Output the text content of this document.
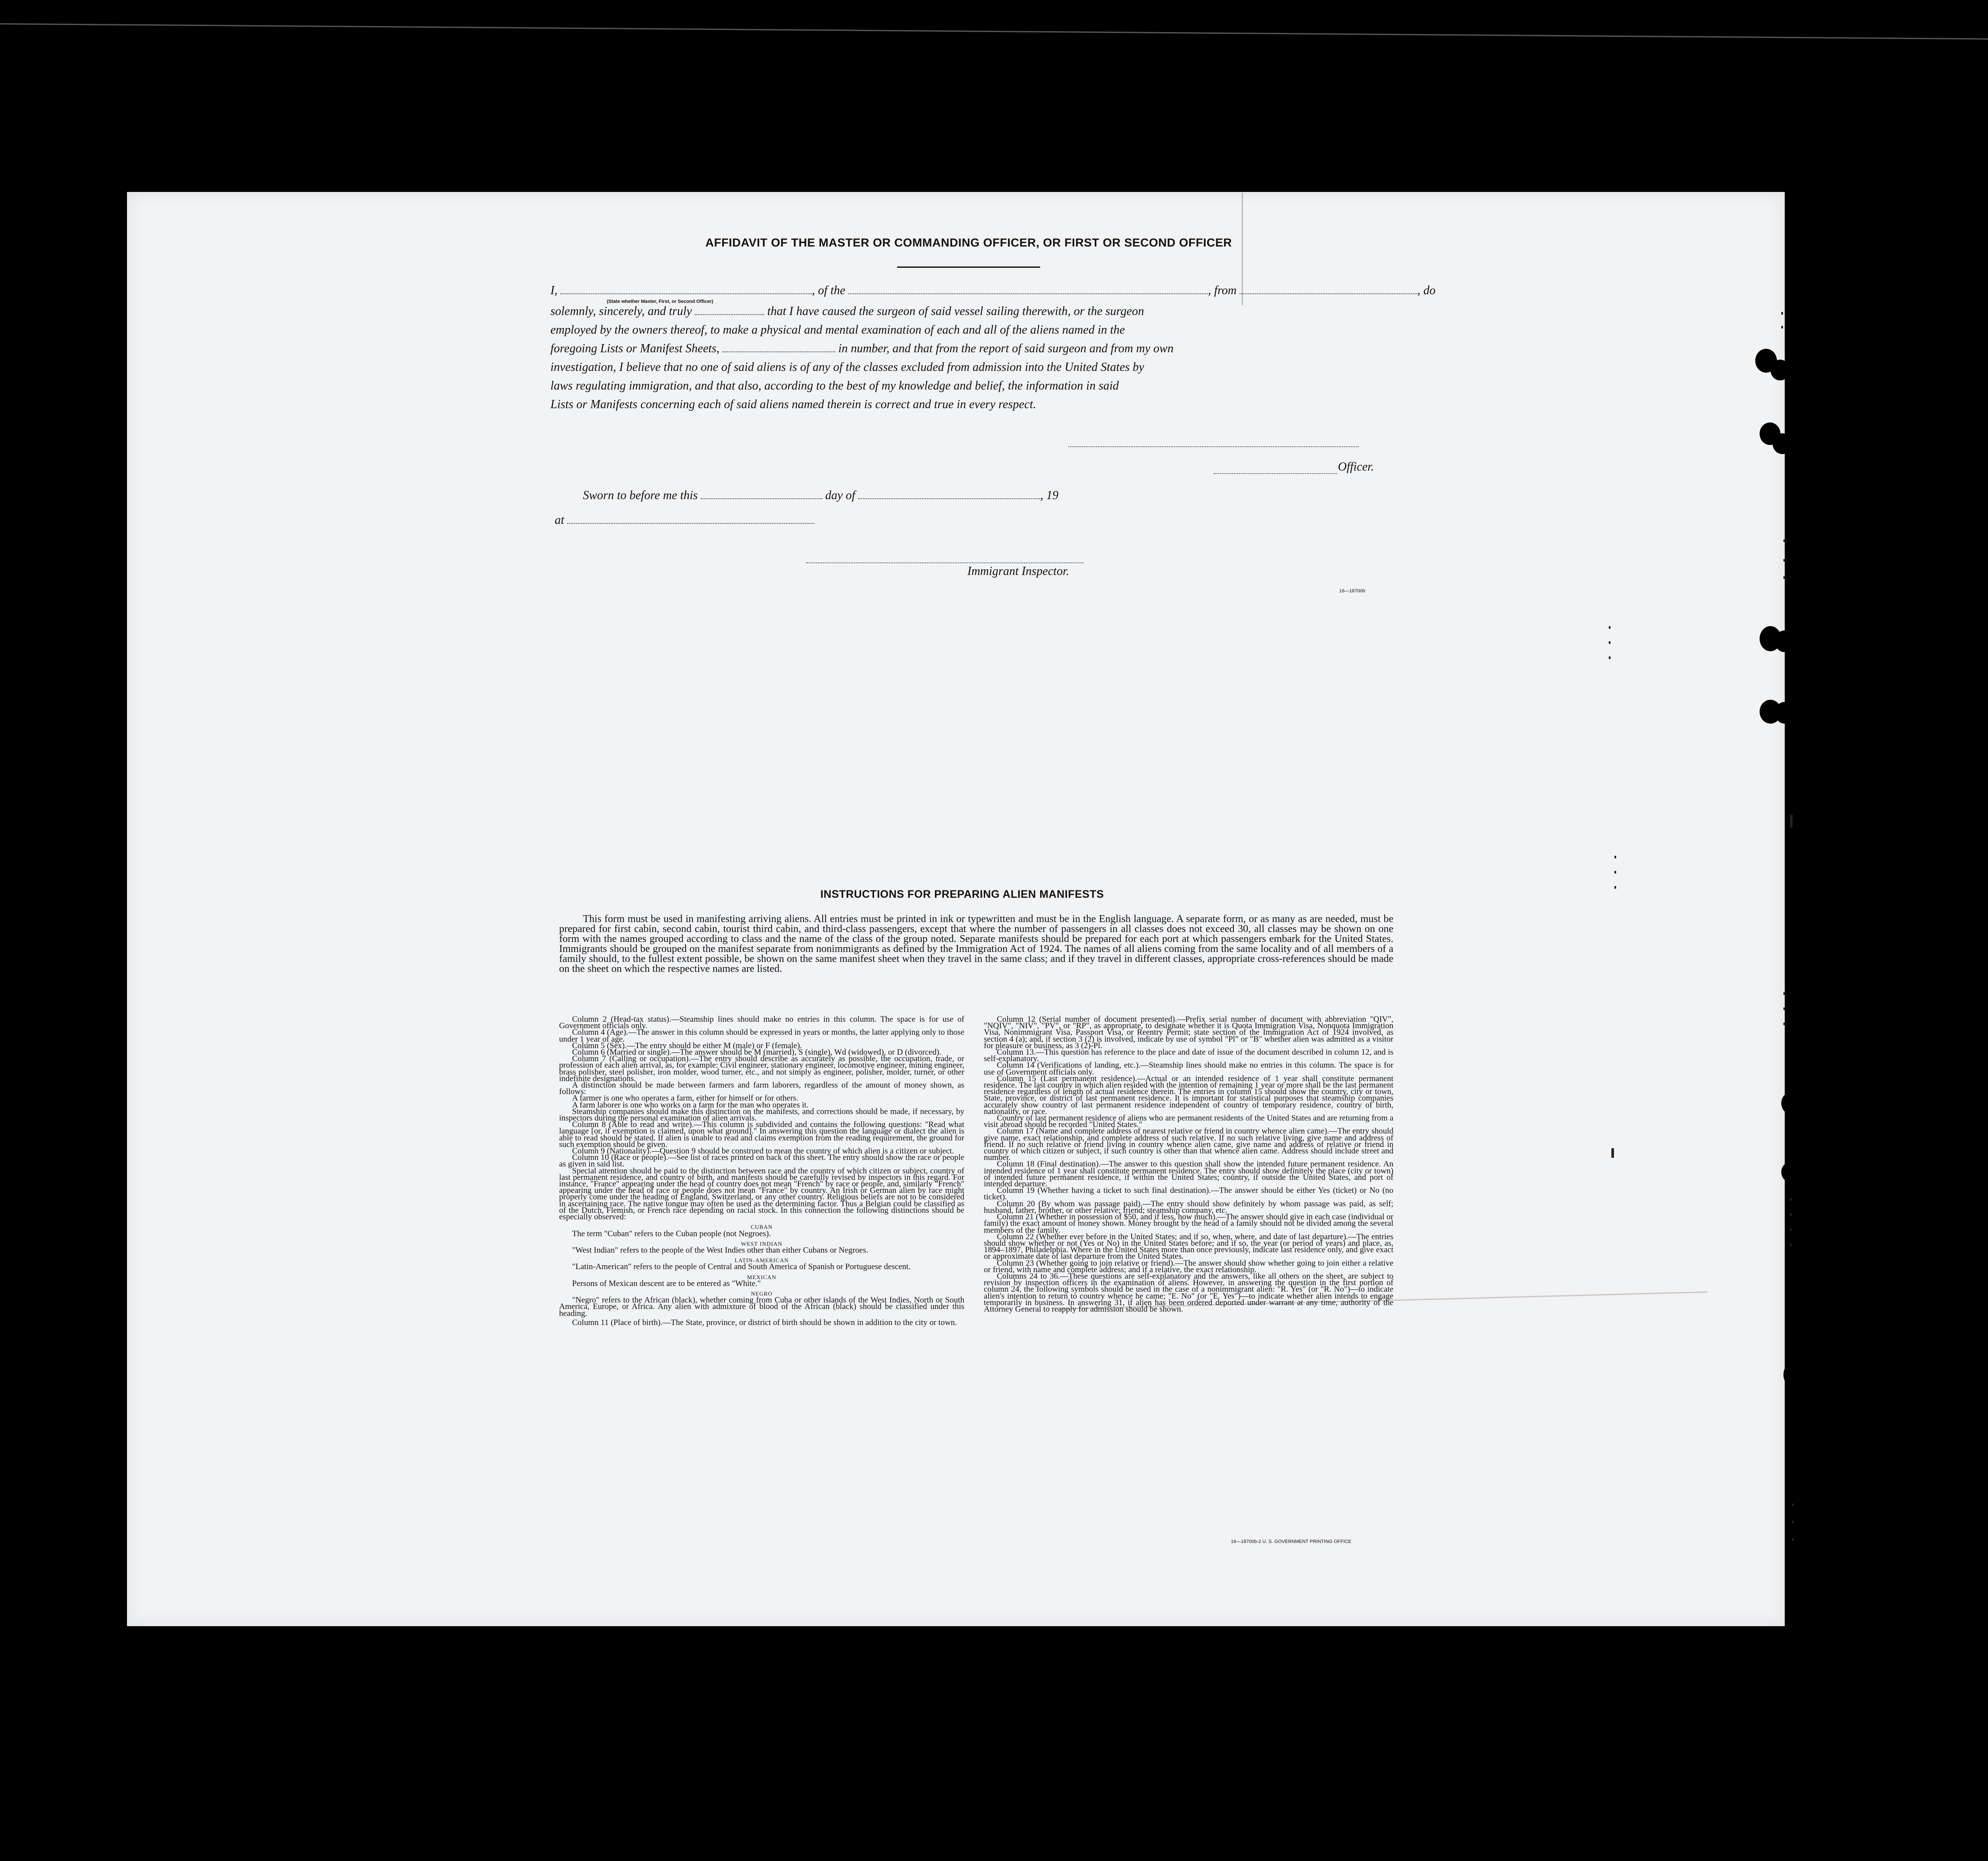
AFFIDAVIT OF THE MASTER OR COMMANDING OFFICER, OR FIRST OR SECOND OFFICER
I,	, of the	, from	, do
(State whether Master, First, or Second Officer)
solemnly, sincerely, and truly	that I have caused the surgeon of said vessel sailing therewith, or the surgeon
employed by the owners thereof, to make a physical and mental examination of each and all of the aliens named in the
foregoing Lists or Manifest Sheets,	in number, and that from the report of said surgeon and from my own
investigation, I believe that no one of said aliens is of any of the classes excluded from admission into the United States by
laws regulating immigration, and that also, according to the best of my knowledge and belief, the information in said
Lists or Manifests concerning each of said aliens named therein is correct and true in every respect.
Officer.
Sworn to before me this	day of	, 19
at
Immigrant Inspector.
16—18700b
INSTRUCTIONS FOR PREPARING ALIEN MANIFESTS
This form must be used in manifesting arriving aliens. All entries must be printed in ink or typewritten and must be in the English language. A separate form, or as many as are needed, must be prepared for first cabin, second cabin, tourist third cabin, and third-class passengers, except that where the number of passengers in all classes does not exceed 30, all classes may be shown on one form with the names grouped according to class and the name of the class of the group noted. Separate manifests should be prepared for each port at which passengers embark for the United States. Immigrants should be grouped on the manifest separate from nonimmigrants as defined by the Immigration Act of 1924. The names of all aliens coming from the same locality and of all members of a family should, to the fullest extent possible, be shown on the same manifest sheet when they travel in the same class; and if they travel in different classes, appropriate cross-references should be made on the sheet on which the respective names are listed.

Column 2 (Head-tax status).—Steamship lines should make no entries in this column. The space is for use of Government officials only.

Column 4 (Age).—The answer in this column should be expressed in years or months, the latter applying only to those under 1 year of age.

Column 5 (Sex).—The entry should be either M (male) or F (female).

Column 6 (Married or single).—The answer should be M (married), S (single), Wd (widowed), or D (divorced).

Column 7 (Calling or occupation).—The entry should describe as accurately as possible, the occupation, trade, or profession of each alien arrival, as, for example: Civil engineer, stationary engineer, locomotive engineer, mining engineer, brass polisher, steel polisher, iron molder, wood turner, etc., and not simply as engineer, polisher, molder, turner, or other indefinite designations.

A distinction should be made between farmers and farm laborers, regardless of the amount of money shown, as follows:

A farmer is one who operates a farm, either for himself or for others.

A farm laborer is one who works on a farm for the man who operates it.

Steamship companies should make this distinction on the manifests, and corrections should be made, if necessary, by inspectors during the personal examination of alien arrivals.

Column 8 (Able to read and write).—This column is subdivided and contains the following questions: "Read what language [or, if exemption is claimed, upon what ground]." In answering this question the language or dialect the alien is able to read should be stated. If alien is unable to read and claims exemption from the reading requirement, the ground for such exemption should be given.

Column 9 (Nationality).—Question 9 should be construed to mean the country of which alien is a citizen or subject.

Column 10 (Race or people).—See list of races printed on back of this sheet. The entry should show the race or people as given in said list.

Special attention should be paid to the distinction between race and the country of which citizen or subject, country of last permanent residence, and country of birth, and manifests should be carefully revised by inspectors in this regard. For instance, "France" appearing under the head of country does not mean "French" by race or people, and, similarly "French" appearing under the head of race or people does not mean "France" by country. An Irish or German alien by race might properly come under the heading of England, Switzerland, or any other country. Religious beliefs are not to be considered in ascertaining race. The native tongue may often be used as the determining factor. Thus a Belgian could be classified as of the Dutch, Flemish, or French race depending on racial stock. In this connection the following distinctions should be especially observed:

CUBAN

The term "Cuban" refers to the Cuban people (not Negroes).

WEST INDIAN

"West Indian" refers to the people of the West Indies other than either Cubans or Negroes.

LATIN-AMERICAN

"Latin-American" refers to the people of Central and South America of Spanish or Portuguese descent.

MEXICAN

Persons of Mexican descent are to be entered as "White."

NEGRO

"Negro" refers to the African (black), whether coming from Cuba or other islands of the West Indies, North or South America, Europe, or Africa. Any alien with admixture of blood of the African (black) should be classified under this heading.

Column 11 (Place of birth).—The State, province, or district of birth should be shown in addition to the city or town.

Column 12 (Serial number of document presented).—Prefix serial number of document with abbreviation "QIV", "NQIV", "NIV", "PV", or "RP", as appropriate, to designate whether it is Quota Immigration Visa, Nonquota Immigration Visa, Nonimmigrant Visa, Passport Visa, or Reentry Permit; state section of the Immigration Act of 1924 involved, as section 4 (a); and, if section 3 (2) is involved, indicate by use of symbol "Pl" or "B" whether alien was admitted as a visitor for pleasure or business, as 3 (2)-Pl.

Column 13.—This question has reference to the place and date of issue of the document described in column 12, and is self-explanatory.

Column 14 (Verifications of landing, etc.).—Steamship lines should make no entries in this column. The space is for use of Government officials only.

Column 15 (Last permanent residence).—Actual or an intended residence of 1 year shall constitute permanent residence. The last country in which alien resided with the intention of remaining 1 year or more shall be the last permanent residence regardless of length of actual residence therein. The entries in column 15 should show the country, city or town, State, province, or district of last permanent residence. It is important for statistical purposes that steamship companies accurately show country of last permanent residence independent of country of temporary residence, country of birth, nationality, or race.

Country of last permanent residence of aliens who are permanent residents of the United States and are returning from a visit abroad should be recorded "United States."

Column 17 (Name and complete address of nearest relative or friend in country whence alien came).—The entry should give name, exact relationship, and complete address of such relative. If no such relative living, give name and address of friend. If no such relative or friend living in country whence alien came, give name and address of relative or friend in country of which citizen or subject, if such country is other than that whence alien came. Address should include street and number.

Column 18 (Final destination).—The answer to this question shall show the intended future permanent residence. An intended residence of 1 year shall constitute permanent residence. The entry should show definitely the place (city or town) of intended future permanent residence, if within the United States; country, if outside the United States, and port of intended departure.

Column 19 (Whether having a ticket to such final destination).—The answer should be either Yes (ticket) or No (no ticket).

Column 20 (By whom was passage paid).—The entry should show definitely by whom passage was paid, as self; husband, father, brother, or other relative; friend; steamship company, etc.

Column 21 (Whether in possession of $50, and if less, how much).—The answer should give in each case (individual or family) the exact amount of money shown. Money brought by the head of a family should not be divided among the several members of the family.

Column 22 (Whether ever before in the United States; and if so, when, where, and date of last departure).—The entries should show whether or not (Yes or No) in the United States before; and if so, the year (or period of years) and place, as, 1894–1897, Philadelphia. Where in the United States more than once previously, indicate last residence only, and give exact or approximate date of last departure from the United States.

Column 23 (Whether going to join relative or friend).—The answer should show whether going to join either a relative or friend, with name and complete address; and if a relative, the exact relationship.

Columns 24 to 36.—These questions are self-explanatory and the answers, like all others on the sheet, are subject to revision by inspection officers in the examination of aliens. However, in answering the question in the first portion of column 24, the following symbols should be used in the case of a nonimmigrant alien: "R. Yes" (or "R. No")—to indicate alien's intention to return to country whence he came; "E. No" (or "E. Yes")—to indicate whether alien intends to engage temporarily in business. In answering 31, if alien has been ordered deported under warrant at any time, authority of the Attorney General to reapply for admission should be shown.

16—18700b-2 U. S. GOVERNMENT PRINTING OFFICE
